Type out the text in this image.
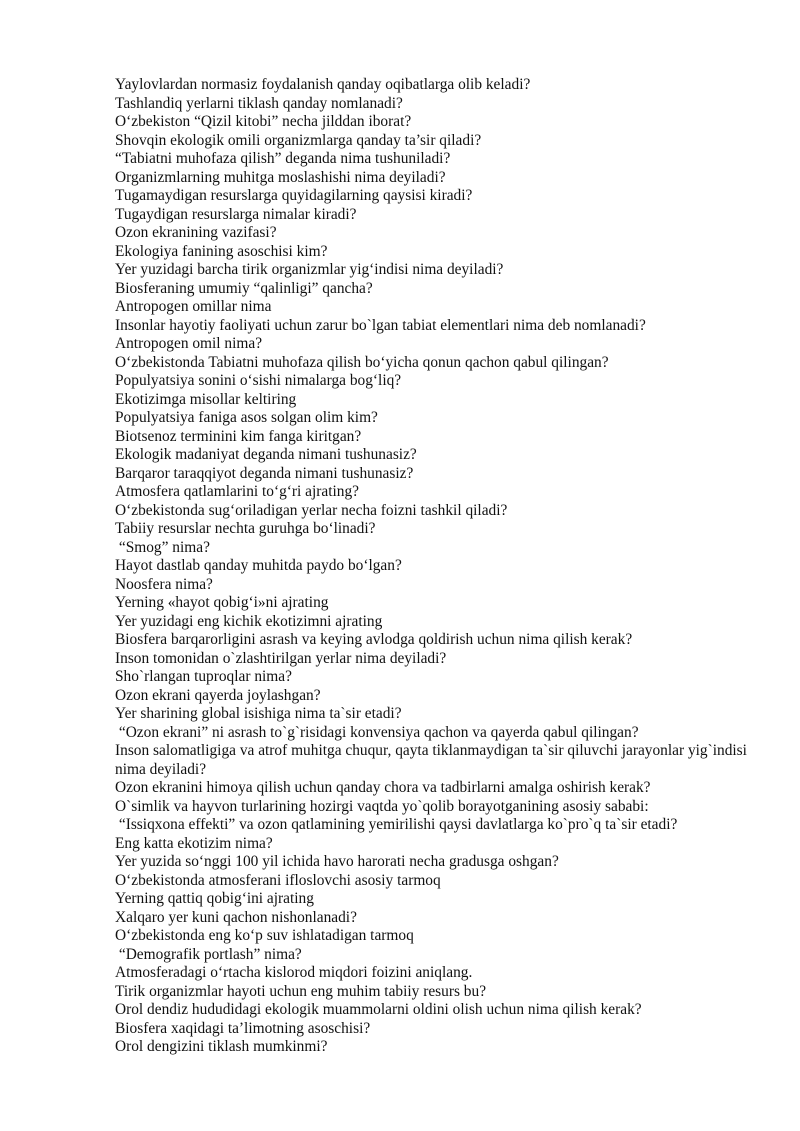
Yaylovlardan normasiz foydalanish qanday oqibatlarga olib keladi?
Tashlandiq yerlarni tiklash qanday nomlanadi?
O‘zbekiston “Qizil kitobi” necha jilddan iborat?
Shovqin ekologik omili organizmlarga qanday ta’sir qiladi?
“Tabiatni muhofaza qilish” deganda nima tushuniladi?
Organizmlarning muhitga moslashishi nima deyiladi?
Tugamaydigan resurslarga quyidagilarning qaysisi kiradi?
Tugaydigan resurslarga nimalar kiradi?
Ozon ekranining vazifasi?
Ekologiya fanining asoschisi kim?
Yer yuzidagi barcha tirik organizmlar yig‘indisi nima deyiladi?
Biosferaning umumiy “qalinligi” qancha?
Antropogen omillar nima
Insonlar hayotiy faoliyati uchun zarur bo`lgan tabiat elementlari nima deb nomlanadi?
Antropogen omil nima?
O‘zbekistonda Tabiatni muhofaza qilish bo‘yicha qonun qachon qabul qilingan?
Populyatsiya sonini o‘sishi nimalarga bog‘liq?
Ekotizimga misollar keltiring
Populyatsiya faniga asos solgan olim kim?
Biotsenoz terminini kim fanga kiritgan?
Ekologik madaniyat deganda nimani tushunasiz?
Barqaror taraqqiyot deganda nimani tushunasiz?
Atmosfera qatlamlarini to‘g‘ri ajrating?
O‘zbekistonda sug‘oriladigan yerlar necha foizni tashkil qiladi?
Tabiiy resurslar nechta guruhga bo‘linadi?
“Smog” nima?
Hayot dastlab qanday muhitda paydo bo‘lgan?
Noosfera nima?
Yerning «hayot qobig‘i»ni ajrating
Yer yuzidagi eng kichik ekotizimni ajrating
Biosfera barqarorligini asrash va keying avlodga qoldirish uchun nima qilish kerak?
Inson tomonidan o`zlashtirilgan yerlar nima deyiladi?
Sho`rlangan tuproqlar nima?
Ozon ekrani qayerda joylashgan?
Yer sharining global isishiga nima ta`sir etadi?
“Ozon ekrani” ni asrash to`g`risidagi konvensiya qachon va qayerda qabul qilingan?
Inson salomatligiga va atrof muhitga chuqur, qayta tiklanmaydigan ta`sir qiluvchi jarayonlar yig`indisi  nima deyiladi?
Ozon ekranini himoya qilish uchun qanday chora va tadbirlarni amalga oshirish kerak?
O`simlik va hayvon turlarining hozirgi vaqtda yo`qolib borayotganining asosiy sababi:
“Issiqxona effekti” va ozon qatlamining yemirilishi qaysi davlatlarga ko`pro`q ta`sir etadi?
Eng katta ekotizim nima?
Yer yuzida so‘nggi 100 yil ichida havo harorati necha gradusga oshgan?
O‘zbekistonda atmosferani ifloslovchi asosiy tarmoq
Yerning qattiq qobig‘ini ajrating
Xalqaro yer kuni qachon nishonlanadi?
O‘zbekistonda eng ko‘p suv ishlatadigan tarmoq
“Demografik portlash” nima?
Atmosferadagi o‘rtacha kislorod miqdori foizini aniqlang.
Tirik organizmlar hayoti uchun eng muhim tabiiy resurs bu?
Orol dendiz hududidagi ekologik muammolarni oldini olish uchun nima qilish kerak?
Biosfera xaqidagi ta’limotning asoschisi?
Orol dengizini tiklash mumkinmi?
